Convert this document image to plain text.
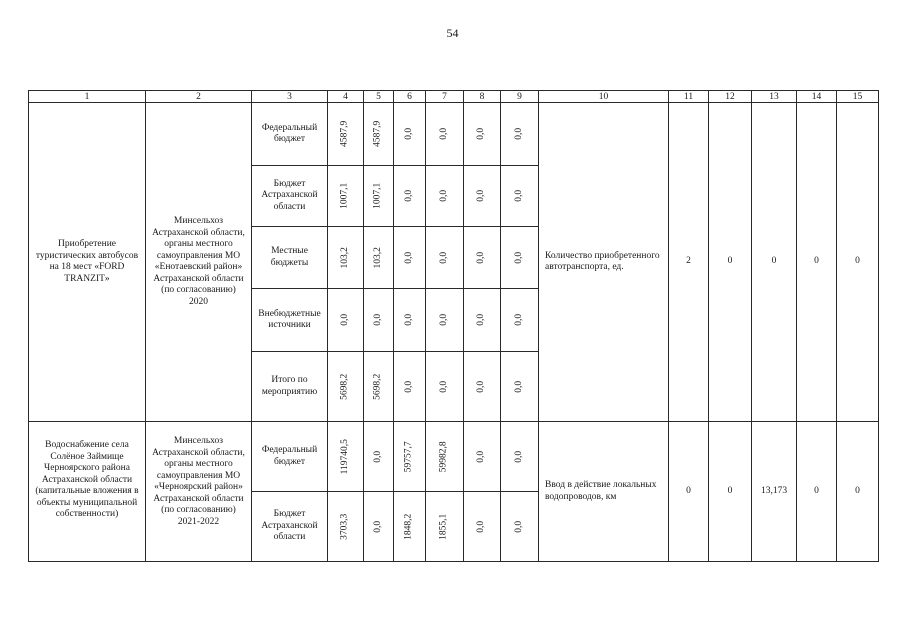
54
1	2	3	4	5	6	7	8	9	10	11	12	13	14	15
Приобретение туристических автобусов на 18 мест «FORD TRANZIT»	Минсельхоз Астраханской области, органы местного самоуправления МО «Енотаевский район» Астраханской области (по согласованию) 2020	Федеральный бюджет	4587,9	4587,9	0,0	0,0	0,0	0,0	Количество приобретенного автотранспорта, ед.	2	0	0	0	0
		Бюджет Астраханской области	1007,1	1007,1	0,0	0,0	0,0	0,0						
		Местные бюджеты	103,2	103,2	0,0	0,0	0,0	0,0						
		Внебюджетные источники	0,0	0,0	0,0	0,0	0,0	0,0						
		Итого по мероприятию	5698,2	5698,2	0,0	0,0	0,0	0,0						
Водоснабжение села Солёное Займище Черноярского района Астраханской области (капитальные вложения в объекты муниципальной собственности)	Минсельхоз Астраханской области, органы местного самоуправления МО «Черноярский район» Астраханской области (по согласованию) 2021-2022	Федеральный бюджет	119740,5	0,0	59757,7	59982,8	0,0	0,0	Ввод в действие локальных водопроводов, км	0	0	13,173	0	0
		Бюджет Астраханской области	3703,3	0,0	1848,2	1855,1	0,0	0,0						
